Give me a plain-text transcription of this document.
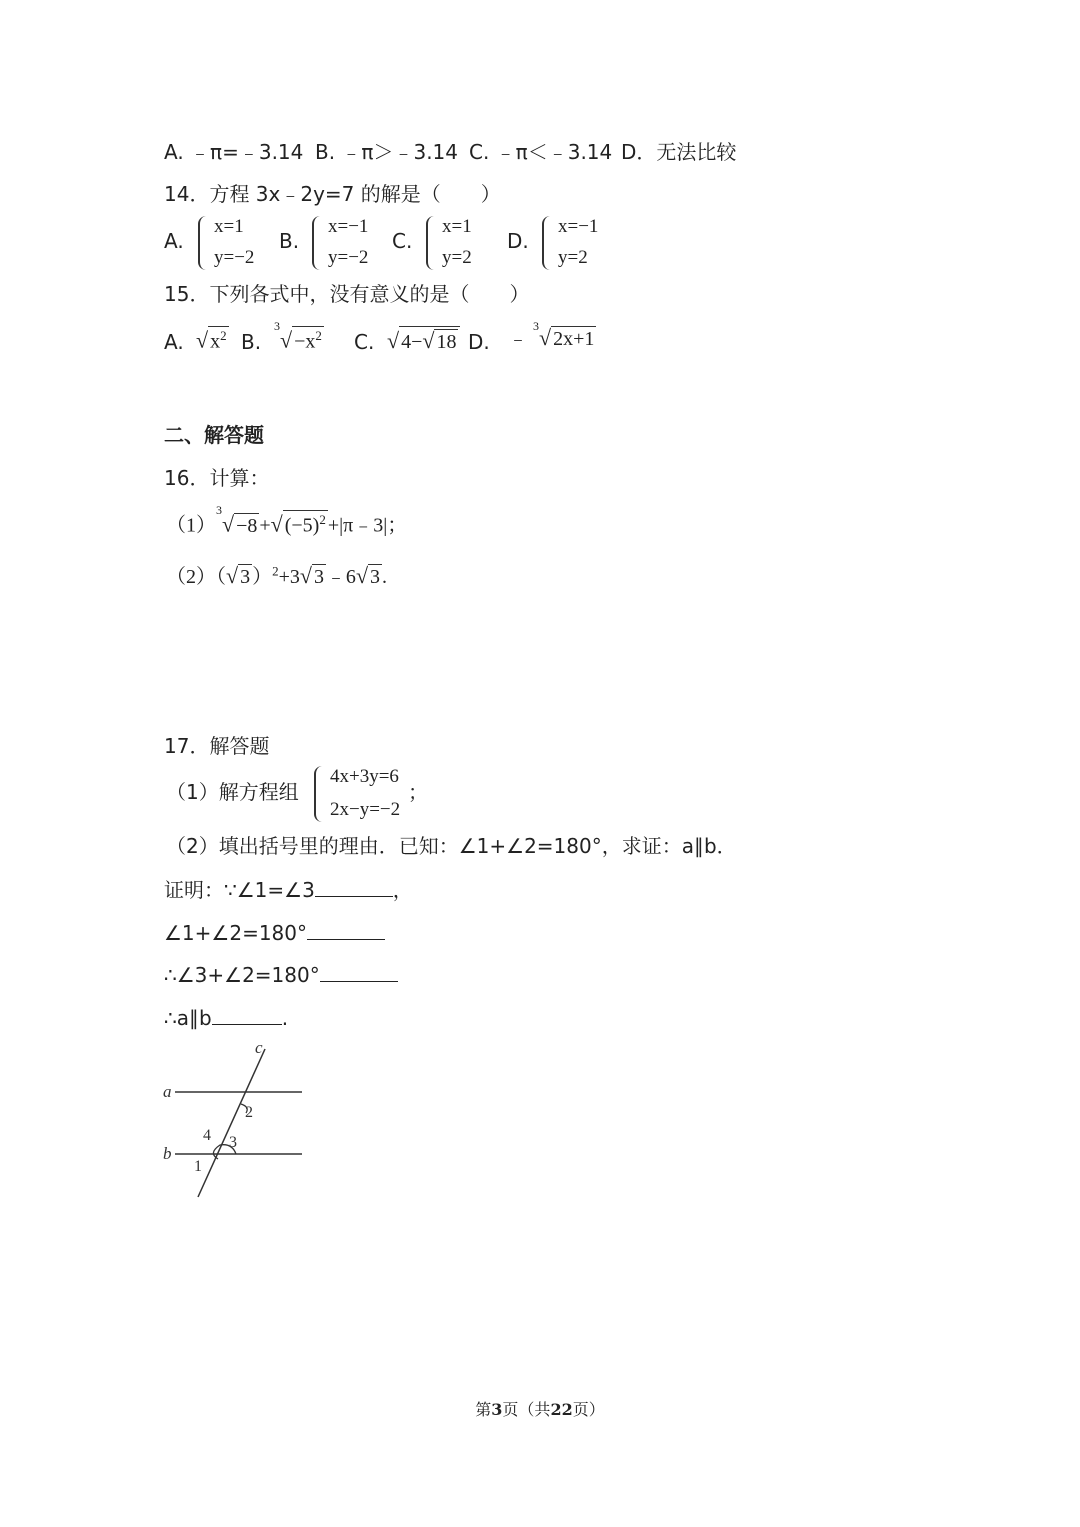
A. ﹣π=﹣3.14 B. ﹣π＞﹣3.14 C. ﹣π＜﹣3.14 D．无法比较
14．方程 3x﹣2y=7 的解是（　　）
A.
x=1
y=−2
B.
x=−1
y=−2
C.
x=1
y=2
D.
x=−1
y=2
15．下列各式中，没有意义的是（　　）
A. √ $x^2$ B.
$^3√ -x^2$ C. √ 4−√ 18 D. ﹣ $^3$√ 2x+1
二、解答题
16．计算：
$(1)^3√ -8$ +√ $(-5)^2$ +|π﹣3|；
（2）（√ 3 ）$^2$+3√ 3 ﹣6√ 3 .
17．解答题
（1）解方程组
4x+3y=6
2x−y=−2
；
（2）填出括号里的理由．已知：∠1+∠2=180°，求证：a∥b．
证明：∵∠1=∠3	，
∠1+∠2=180°
∴∠3+∠2=180°
∴a∥b	.
a
b
c
2
4 3
1
第3页（共22页）
